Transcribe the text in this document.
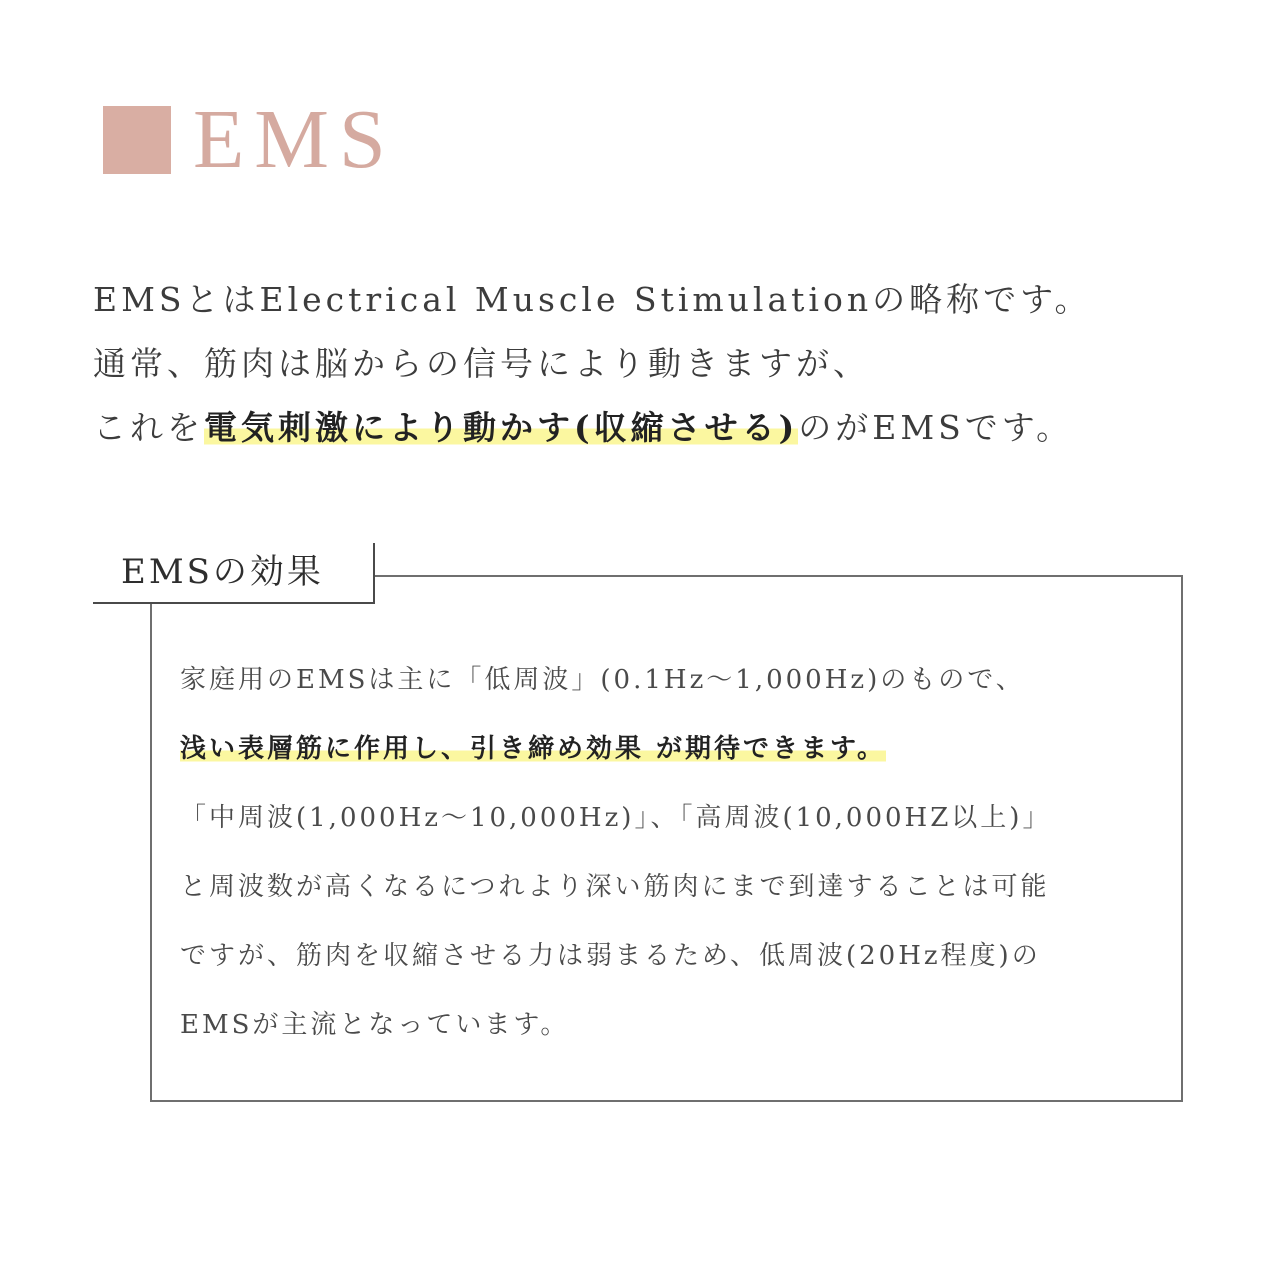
EMS
EMSとはElectrical Muscle Stimulationの略称です。
通常、筋肉は脳からの信号により動きますが、
これを電気刺激により動かす(収縮させる)のがEMSです。
EMSの効果
家庭用のEMSは主に「低周波」(0.1Hz〜1,000Hz)のもので、
浅い表層筋に作用し、引き締め効果 が期待できます。
「中周波(1,000Hz〜10,000Hz)」、「高周波(10,000HZ以上)」
と周波数が高くなるにつれより深い筋肉にまで到達することは可能
ですが、筋肉を収縮させる力は弱まるため、低周波(20Hz程度)の
EMSが主流となっています。
